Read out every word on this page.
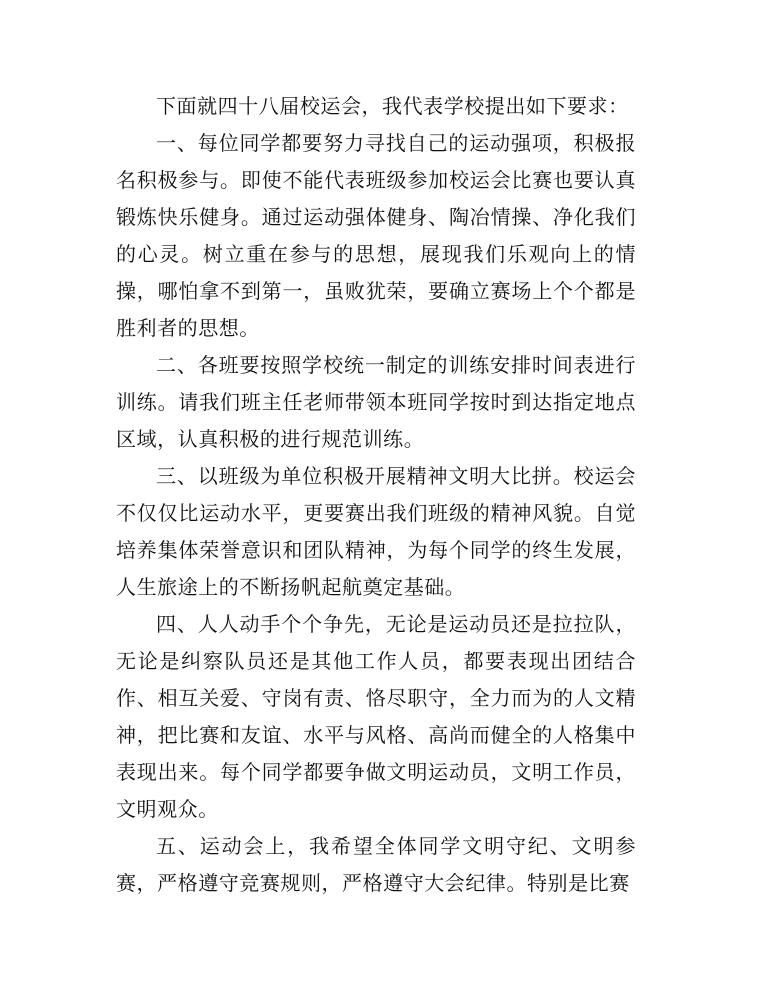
下面就四十八届校运会，我代表学校提出如下要求：

一、每位同学都要努力寻找自己的运动强项，积极报名积极参与。即使不能代表班级参加校运会比赛也要认真锻炼快乐健身。通过运动强体健身、陶冶情操、净化我们的心灵。树立重在参与的思想，展现我们乐观向上的情操，哪怕拿不到第一，虽败犹荣，要确立赛场上个个都是胜利者的思想。

二、各班要按照学校统一制定的训练安排时间表进行训练。请我们班主任老师带领本班同学按时到达指定地点区域，认真积极的进行规范训练。

三、以班级为单位积极开展精神文明大比拼。校运会不仅仅比运动水平，更要赛出我们班级的精神风貌。自觉培养集体荣誉意识和团队精神，为每个同学的终生发展，人生旅途上的不断扬帆起航奠定基础。

四、人人动手个个争先，无论是运动员还是拉拉队，无论是纠察队员还是其他工作人员，都要表现出团结合作、相互关爱、守岗有责、恪尽职守，全力而为的人文精神，把比赛和友谊、水平与风格、高尚而健全的人格集中表现出来。每个同学都要争做文明运动员，文明工作员，文明观众。

五、运动会上，我希望全体同学文明守纪、文明参赛，严格遵守竞赛规则，严格遵守大会纪律。特别是比赛
